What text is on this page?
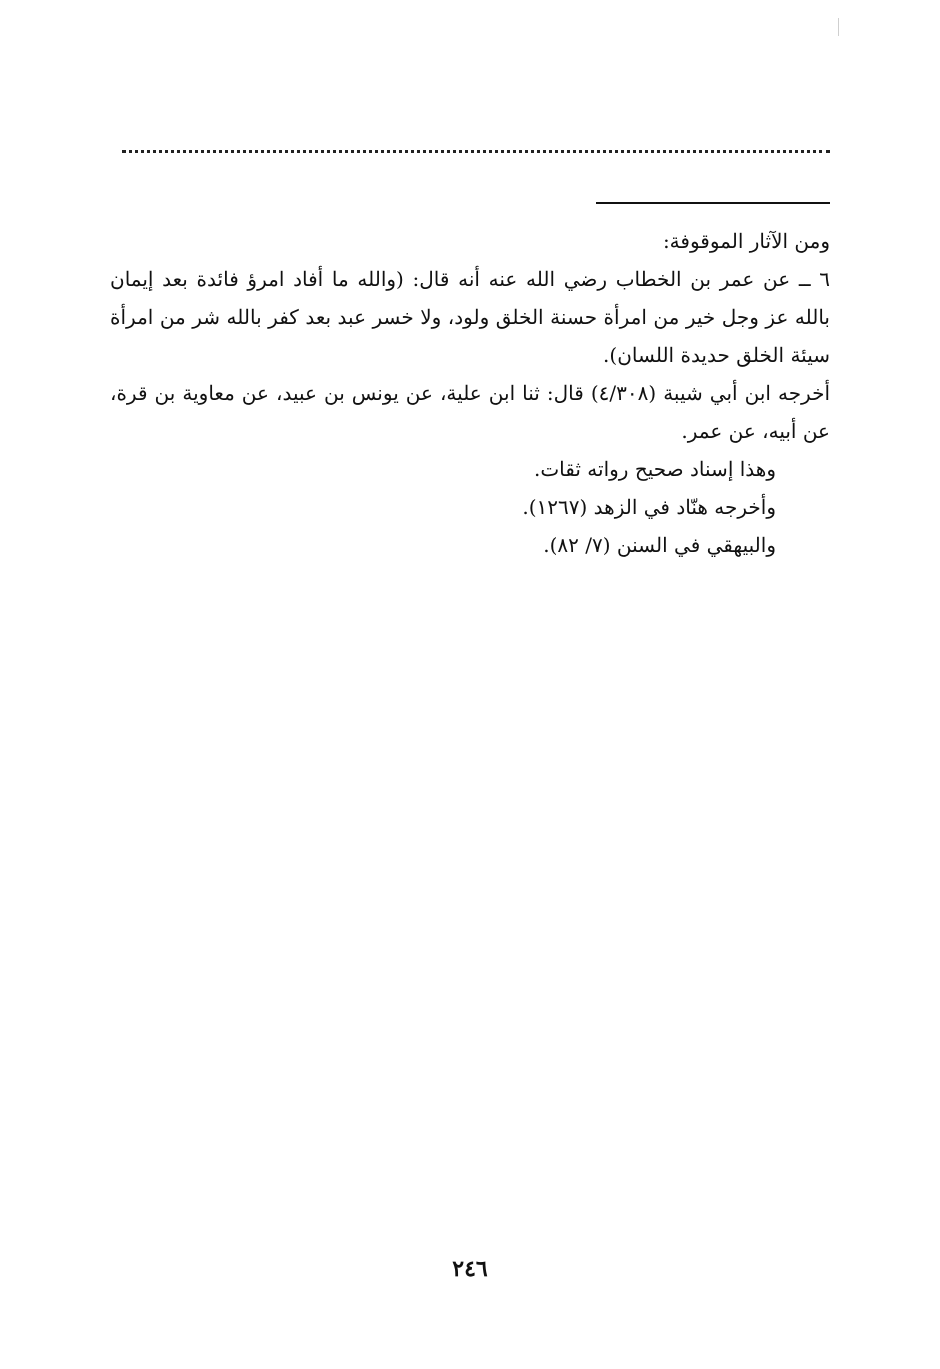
ومن الآثار الموقوفة:

٦ ــ عن عمر بن الخطاب رضي الله عنه أنه قال: (والله ما أفاد امرؤ فائدة بعد إيمان بالله عز وجل خير من امرأة حسنة الخلق ولود، ولا خسر عبد بعد كفر بالله شر من امرأة سيئة الخلق حديدة اللسان).

أخرجه ابن أبي شيبة (٤/٣٠٨) قال: ثنا ابن علية، عن يونس بن عبيد، عن معاوية بن قرة، عن أبيه، عن عمر.

وهذا إسناد صحيح رواته ثقات.

وأخرجه هنّاد في الزهد (١٢٦٧).

والبيهقي في السنن (٧/ ٨٢).

٢٤٦
